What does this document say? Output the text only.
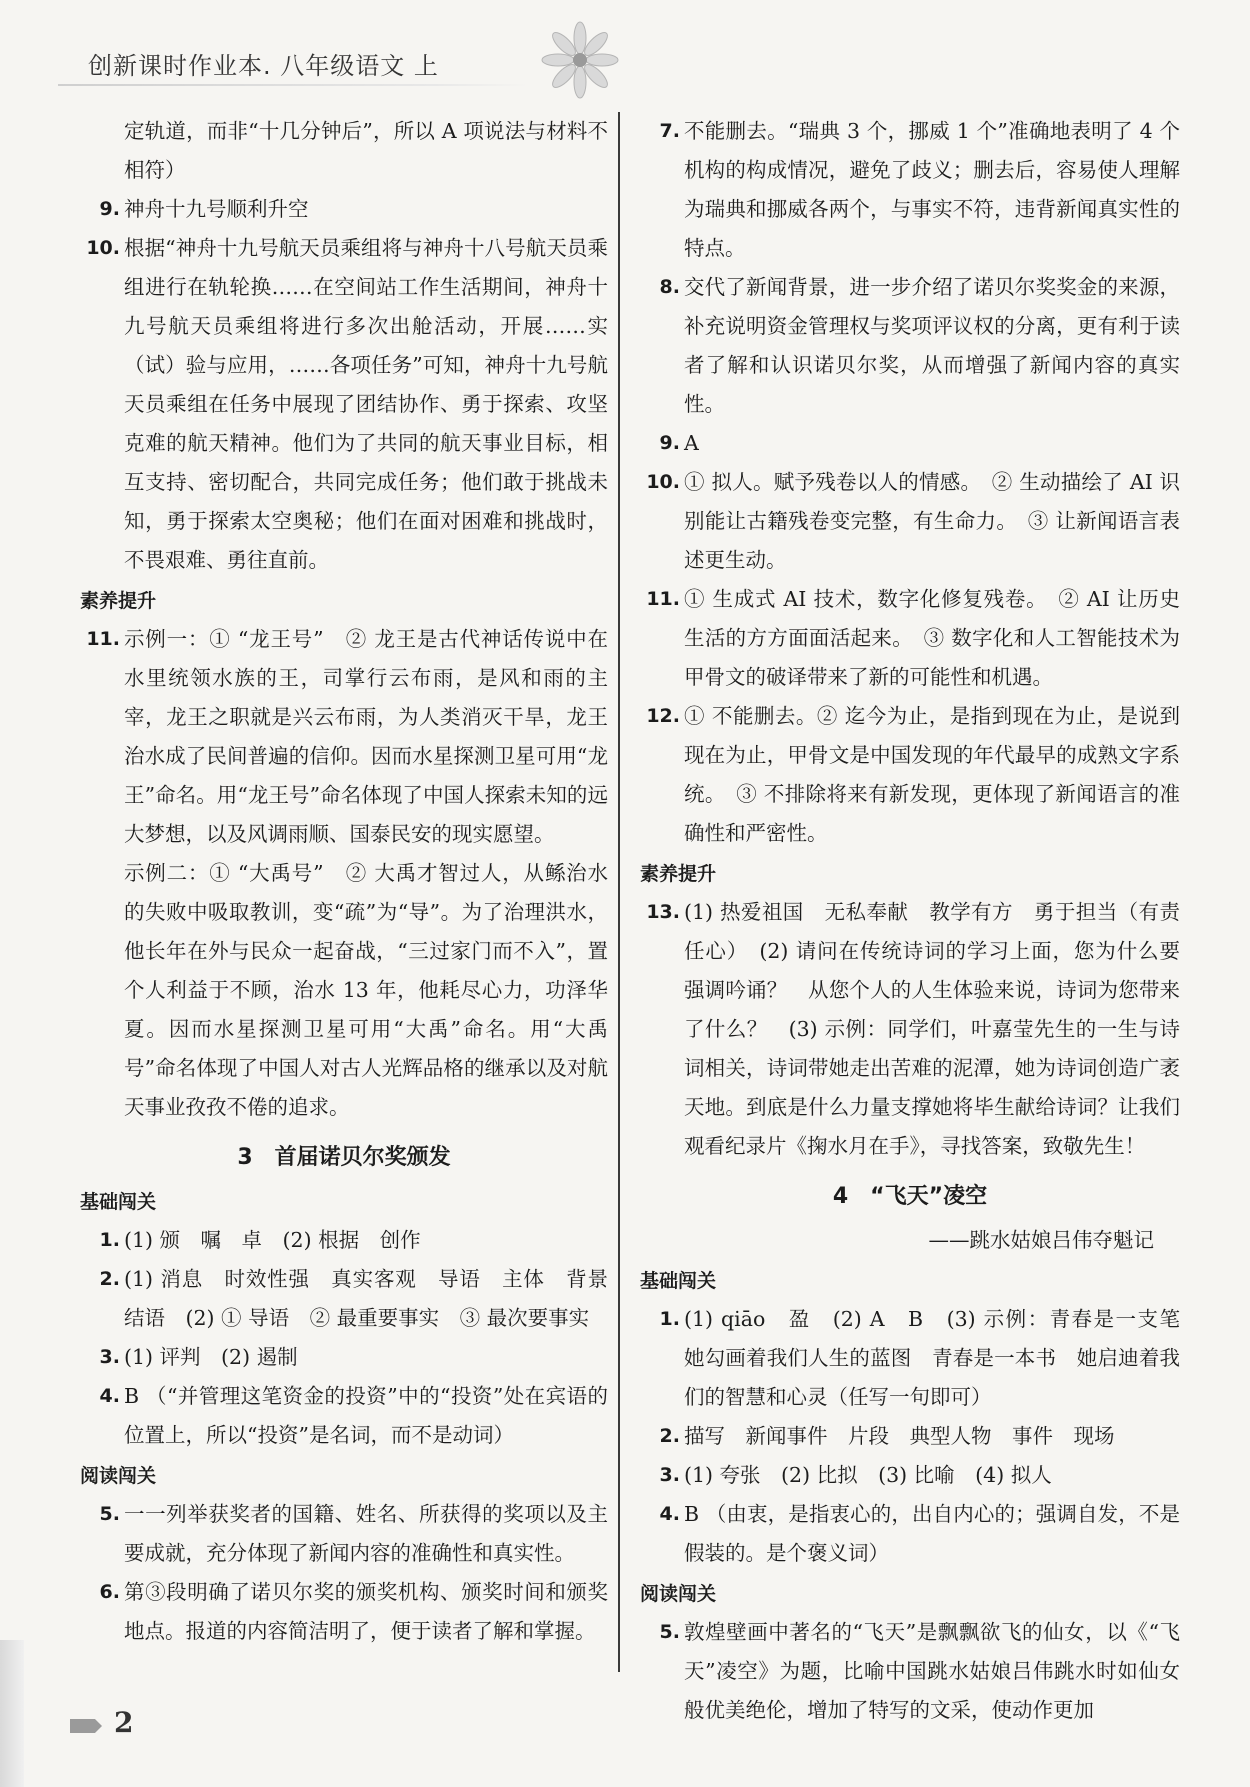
创新课时作业本. 八年级语文 上
定轨道，而非“十几分钟后”，所以 A 项说法与材料不相符）
9. 神舟十九号顺利升空
10. 根据“神舟十九号航天员乘组将与神舟十八号航天员乘组进行在轨轮换……在空间站工作生活期间，神舟十九号航天员乘组将进行多次出舱活动，开展……实（试）验与应用，……各项任务”可知，神舟十九号航天员乘组在任务中展现了团结协作、勇于探索、攻坚克难的航天精神。他们为了共同的航天事业目标，相互支持、密切配合，共同完成任务；他们敢于挑战未知，勇于探索太空奥秘；他们在面对困难和挑战时，不畏艰难、勇往直前。
素养提升
11. 示例一：① “龙王号”　② 龙王是古代神话传说中在水里统领水族的王，司掌行云布雨，是风和雨的主宰，龙王之职就是兴云布雨，为人类消灭干旱，龙王治水成了民间普遍的信仰。因而水星探测卫星可用“龙王”命名。用“龙王号”命名体现了中国人探索未知的远大梦想，以及风调雨顺、国泰民安的现实愿望。
示例二：① “大禹号”　② 大禹才智过人，从鲧治水的失败中吸取教训，变“疏”为“导”。为了治理洪水，他长年在外与民众一起奋战，“三过家门而不入”，置个人利益于不顾，治水 13 年，他耗尽心力，功泽华夏。因而水星探测卫星可用“大禹”命名。用“大禹号”命名体现了中国人对古人光辉品格的继承以及对航天事业孜孜不倦的追求。
3　首届诺贝尔奖颁发
基础闯关
1. (1) 颁　嘱　卓　(2) 根据　创作
2. (1) 消息　时效性强　真实客观　导语　主体　背景　结语　(2) ① 导语　② 最重要事实　③ 最次要事实
3. (1) 评判　(2) 遏制
4. B （“并管理这笔资金的投资”中的“投资”处在宾语的位置上，所以“投资”是名词，而不是动词）
阅读闯关
5. 一一列举获奖者的国籍、姓名、所获得的奖项以及主要成就，充分体现了新闻内容的准确性和真实性。
6. 第③段明确了诺贝尔奖的颁奖机构、颁奖时间和颁奖地点。报道的内容简洁明了，便于读者了解和掌握。
7. 不能删去。“瑞典 3 个，挪威 1 个”准确地表明了 4 个机构的构成情况，避免了歧义；删去后，容易使人理解为瑞典和挪威各两个，与事实不符，违背新闻真实性的特点。
8. 交代了新闻背景，进一步介绍了诺贝尔奖奖金的来源，补充说明资金管理权与奖项评议权的分离，更有利于读者了解和认识诺贝尔奖，从而增强了新闻内容的真实性。
9. A
10. ① 拟人。赋予残卷以人的情感。　② 生动描绘了 AI 识别能让古籍残卷变完整，有生命力。　③ 让新闻语言表述更生动。
11. ① 生成式 AI 技术，数字化修复残卷。　② AI 让历史生活的方方面面活起来。　③ 数字化和人工智能技术为甲骨文的破译带来了新的可能性和机遇。
12. ① 不能删去。② 迄今为止，是指到现在为止，是说到现在为止，甲骨文是中国发现的年代最早的成熟文字系统。　③ 不排除将来有新发现，更体现了新闻语言的准确性和严密性。
素养提升
13. (1) 热爱祖国　无私奉献　教学有方　勇于担当（有责任心）　(2) 请问在传统诗词的学习上面，您为什么要强调吟诵？　从您个人的人生体验来说，诗词为您带来了什么？　(3) 示例：同学们，叶嘉莹先生的一生与诗词相关，诗词带她走出苦难的泥潭，她为诗词创造广袤天地。到底是什么力量支撑她将毕生献给诗词？让我们观看纪录片《掬水月在手》，寻找答案，致敬先生！
4　“飞天”凌空
——跳水姑娘吕伟夺魁记
基础闯关
1. (1) qiāo　盈　(2) A　B　(3) 示例：青春是一支笔　她勾画着我们人生的蓝图　青春是一本书　她启迪着我们的智慧和心灵（任写一句即可）
2. 描写　新闻事件　片段　典型人物　事件　现场
3. (1) 夸张　(2) 比拟　(3) 比喻　(4) 拟人
4. B （由衷，是指衷心的，出自内心的；强调自发，不是假装的。是个褒义词）
阅读闯关
5. 敦煌壁画中著名的“飞天”是飘飘欲飞的仙女，以《“飞天”凌空》为题，比喻中国跳水姑娘吕伟跳水时如仙女般优美绝伦，增加了特写的文采，使动作更加
2
